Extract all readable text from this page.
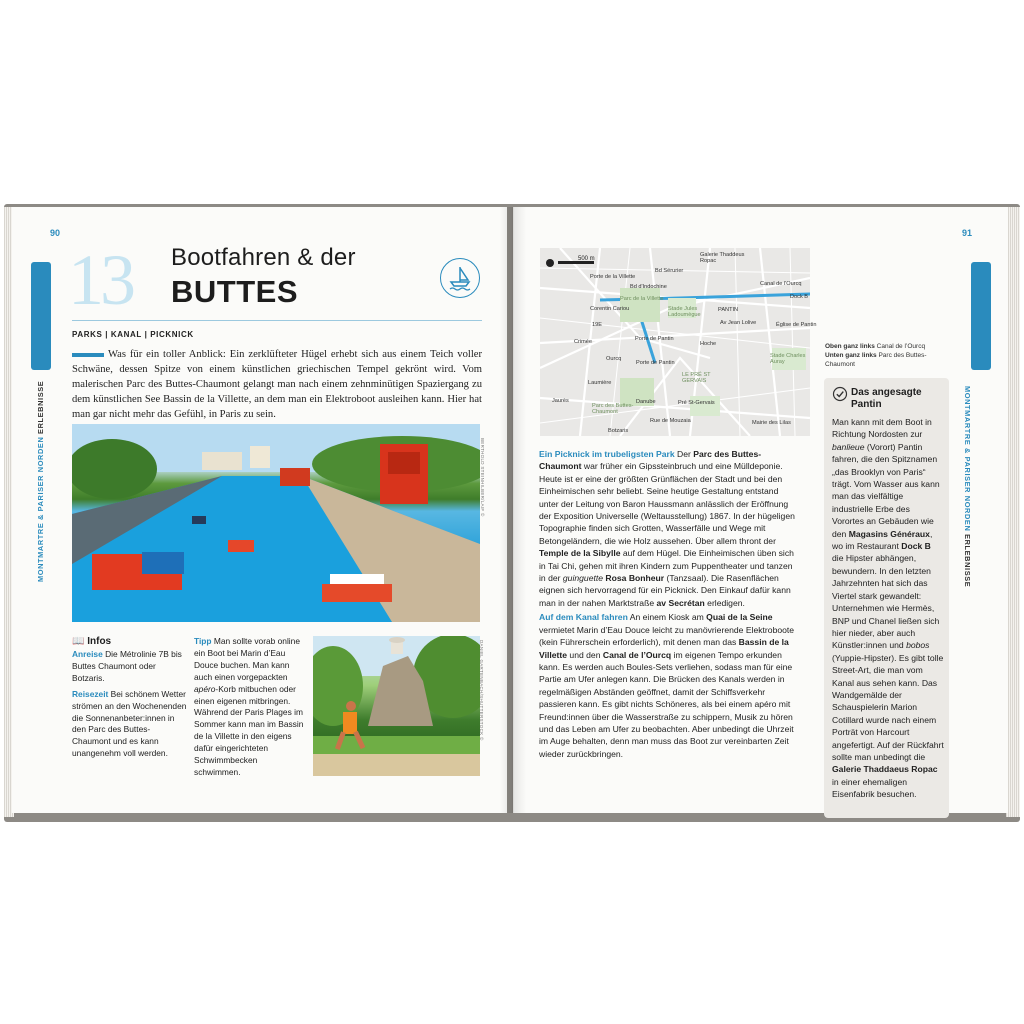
90
MONTMARTRE & PARISER NORDEN ERLEBNISSE
13 Bootfahren & der
BUTTES
PARKS | KANAL | PICKNICK
Was für ein toller Anblick: Ein zerklüfteter Hügel erhebt sich aus einem Teich voller Schwäne, dessen Spitze von einem künstlichen griechischen Tempel gekrönt wird. Vom malerischen Parc des Buttes-Chaumont gelangt man nach einem zehnminütigen Spaziergang zu dem künstlichen See Bassin de la Villette, an dem man ein Elektroboot ausleihen kann. Hier hat man gar nicht mehr das Gefühl, in Paris zu sein.
BERTHOLD STEINHILBER/LAIF ©
📖 Infos
Anreise Die Métrolinie 7B bis Buttes Chaumont oder Botzaris.
Reisezeit Bei schönem Wetter strömen an den Wochenenden die Sonnenanbeter:innen in den Parc des Buttes-Chaumont und es kann unangenehm voll werden.
Tipp Man sollte vorab online ein Boot bei Marin d’Eau Douce buchen. Man kann auch einen vorgepackten apéro-Korb mitbuchen oder einen eigenen mitbringen. Während der Paris Plages im Sommer kann man im Bassin de la Villette in den eigens dafür eingerichteten Schwimmbecken schwimmen.
DANIEL GARTENBACH/SHUTTERSTOCK ©
91
MONTMARTRE & PARISER NORDEN ERLEBNISSE
500 m
Galerie Thaddeus Ropac
Canal de l'Ourcq
Dock B
PANTIN
Porte de la Villette
Parc de la Villette
Stade Jules Ladoumègue
Corentin Cariou
19E
Crimée	Porte de Pantin
Ourcq
Laumière
Jaurès
Parc des Buttes-Chaumont
Danube
Botzaris
Stade Charles Auray
LE PRÉ ST GERVAIS
Église de Pantin
Hoche
Pré St-Gervais
Mairie des Lilas
Bd Sérurier
Bd d'Indochine
Av Jean Lolive
Rue de Mouzaia
Porte de Pantin
Oben ganz links Canal de l’Ourcq
Unten ganz links Parc des Buttes-Chaumont
Ein Picknick im trubeligsten Park Der Parc des Buttes-Chaumont war früher ein Gipssteinbruch und eine Mülldeponie. Heute ist er eine der größten Grünflächen der Stadt und bei den Einheimischen sehr beliebt. Seine heutige Gestaltung entstand unter der Leitung von Baron Haussmann anlässlich der Eröffnung der Exposition Universelle (Weltausstellung) 1867. In der hügeligen Topographie finden sich Grotten, Wasserfälle und Wege mit Betongeländern, die wie Holz aussehen. Über allem thront der Temple de la Sibylle auf dem Hügel. Die Einheimischen üben sich in Tai Chi, gehen mit ihren Kindern zum Puppentheater und tanzen in der guinguette Rosa Bonheur (Tanzsaal). Die Rasenflächen eignen sich hervorragend für ein Picknick. Den Einkauf dafür kann man in der nahen Marktstraße av Secrétan erledigen.
Auf dem Kanal fahren An einem Kiosk am Quai de la Seine vermietet Marin d’Eau Douce leicht zu manövrierende Elektroboote (kein Führerschein erforderlich), mit denen man das Bassin de la Villette und den Canal de l’Ourcq im eigenen Tempo erkunden kann. Es werden auch Boules-Sets verliehen, sodass man für eine Partie am Ufer anlegen kann. Die Brücken des Kanals werden in regelmäßigen Abständen geöffnet, damit der Schiffsverkehr passieren kann. Es gibt nichts Schöneres, als bei einem apéro mit Freund:innen über die Wasserstraße zu schippern, Musik zu hören und das Leben am Ufer zu beobachten. Aber unbedingt die Uhrzeit im Auge behalten, denn man muss das Boot zur vereinbarten Zeit wieder zurückbringen.
Das angesagte
Pantin
Man kann mit dem Boot in Richtung Nordosten zur banlieue (Vorort) Pantin fahren, die den Spitznamen „das Brooklyn von Paris“ trägt. Vom Wasser aus kann man das vielfältige industrielle Erbe des Vorortes an Gebäuden wie den Magasins Généraux, wo im Restaurant Dock B die Hipster abhängen, bewundern. In den letzten Jahrzehnten hat sich das Viertel stark gewandelt: Unternehmen wie Hermès, BNP und Chanel ließen sich hier nieder, aber auch Künstler:innen und bobos (Yuppie-Hipster). Es gibt tolle Street-Art, die man vom Kanal aus sehen kann. Das Wandgemälde der Schauspielerin Marion Cotillard wurde nach einem Porträt von Harcourt angefertigt. Auf der Rückfahrt sollte man unbedingt die Galerie Thaddaeus Ropac in einer ehemaligen Eisenfabrik besuchen.
